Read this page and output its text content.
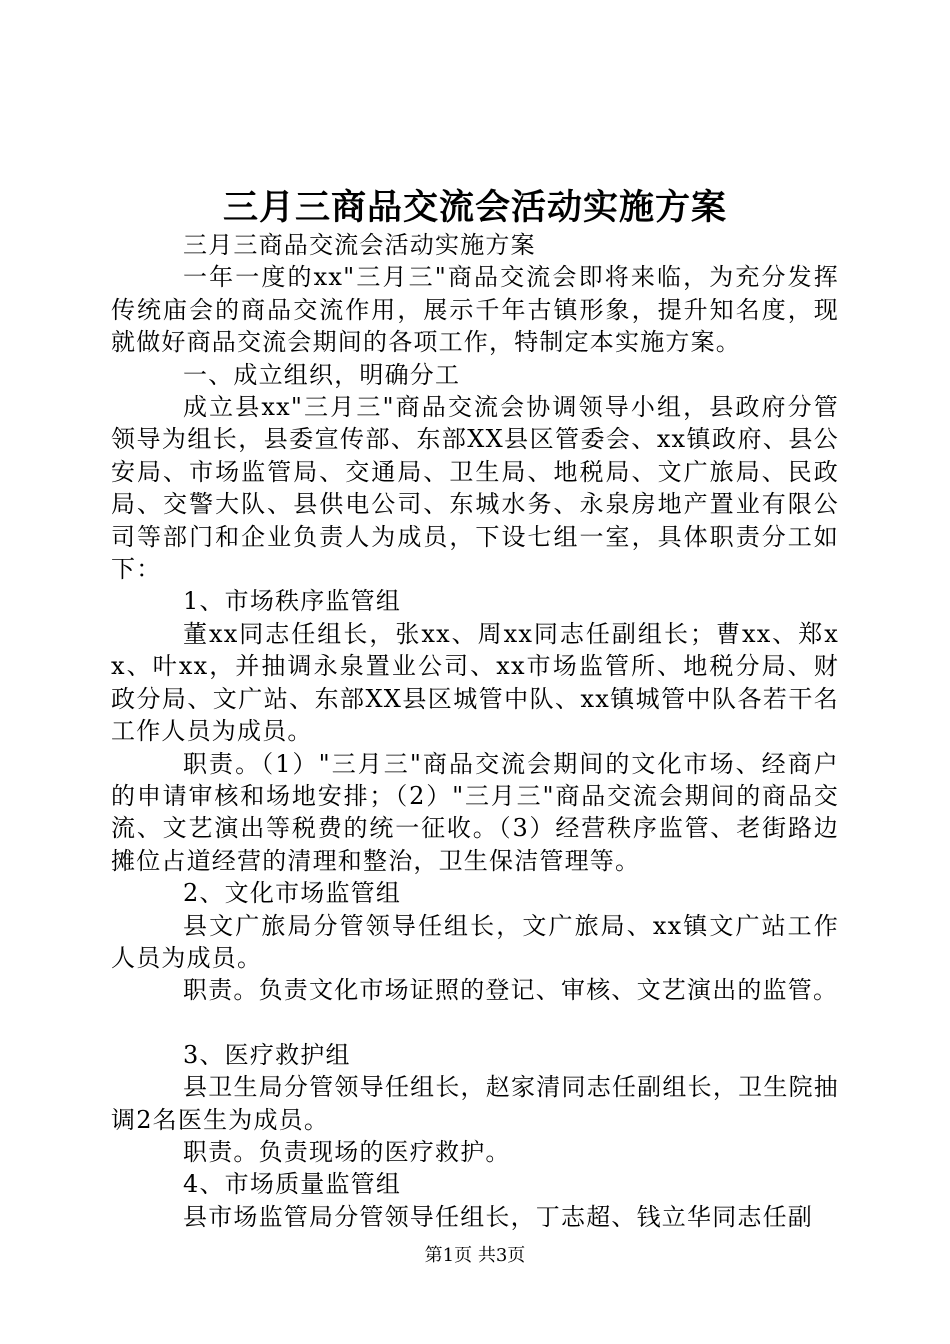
三月三商品交流会活动实施方案

三月三商品交流会活动实施方案

一年一度的xx"三月三"商品交流会即将来临，为充分发挥传统庙会的商品交流作用，展示千年古镇形象，提升知名度，现就做好商品交流会期间的各项工作，特制定本实施方案。

一、成立组织，明确分工

成立县xx"三月三"商品交流会协调领导小组，县政府分管领导为组长，县委宣传部、东部XX县区管委会、xx镇政府、县公安局、市场监管局、交通局、卫生局、地税局、文广旅局、民政局、交警大队、县供电公司、东城水务、永泉房地产置业有限公司等部门和企业负责人为成员，下设七组一室，具体职责分工如下：

1、市场秩序监管组

董xx同志任组长，张xx、周xx同志任副组长；曹xx、郑xx、叶xx，并抽调永泉置业公司、xx市场监管所、地税分局、财政分局、文广站、东部XX县区城管中队、xx镇城管中队各若干名工作人员为成员。

职责。（1）"三月三"商品交流会期间的文化市场、经商户的申请审核和场地安排；（2）"三月三"商品交流会期间的商品交流、文艺演出等税费的统一征收。（3）经营秩序监管、老街路边摊位占道经营的清理和整治，卫生保洁管理等。

2、文化市场监管组

县文广旅局分管领导任组长，文广旅局、xx镇文广站工作人员为成员。

职责。负责文化市场证照的登记、审核、文艺演出的监管。

3、医疗救护组

县卫生局分管领导任组长，赵家清同志任副组长，卫生院抽调2名医生为成员。

职责。负责现场的医疗救护。

4、市场质量监管组

县市场监管局分管领导任组长，丁志超、钱立华同志任副

第1页 共3页
